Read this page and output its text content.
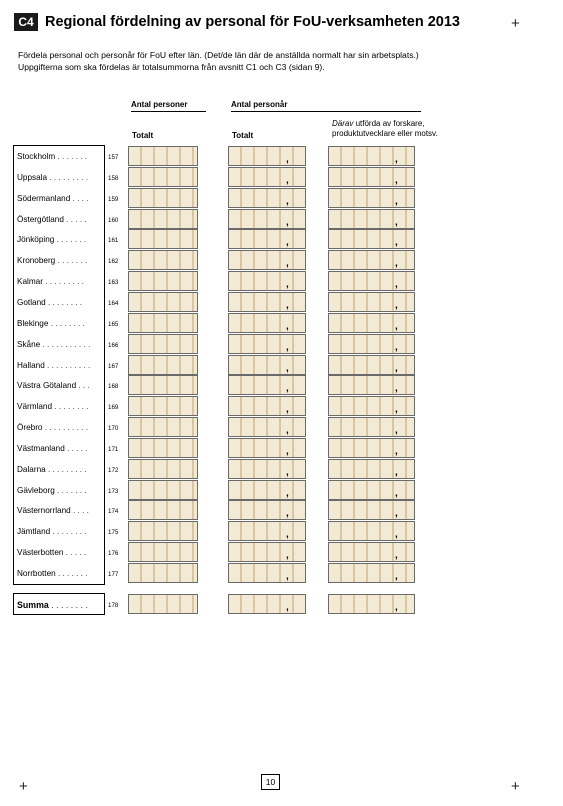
C4 Regional fördelning av personal för FoU-verksamheten 2013	+
Fördela personal och personår för FoU efter län. (Det/de län där de anställda normalt har sin arbetsplats.) Uppgifterna som ska fördelas är totalsummorna från avsnitt C1 och C3 (sidan 9).
Antal personer	Antal personår
Totalt	Totalt
Därav utförda av forskare,
produktutvecklare eller motsv.
Stockholm . . . . . . .	157	,	,
Uppsala . . . . . . . . .	158	,	,
Södermanland . . . .	159	,	,
Östergötland . . . . .	160	,	,
Jönköping . . . . . . .	161	,	,
Kronoberg . . . . . . .	162	,	,
Kalmar . . . . . . . . .	163	,	,
Gotland . . . . . . . .	164	,	,
Blekinge . . . . . . . .	165	,	,
Skåne . . . . . . . . . . .	166	,	,
Halland . . . . . . . . . .	167	,	,
Västra Götaland . . .	168	,	,
Värmland . . . . . . . .	169	,	,
Örebro . . . . . . . . . .	170	,	,
Västmanland . . . . .	171	,	,
Dalarna . . . . . . . . .	172	,	,
Gävleborg . . . . . . .	173	,	,
Västernorrland . . . .	174	,	,
Jämtland . . . . . . . .	175	,	,
Västerbotten . . . . .	176	,	,
Norrbotten . . . . . . .	177	,	,
Summa . . . . . . . .	178	,	,
10
+	+
